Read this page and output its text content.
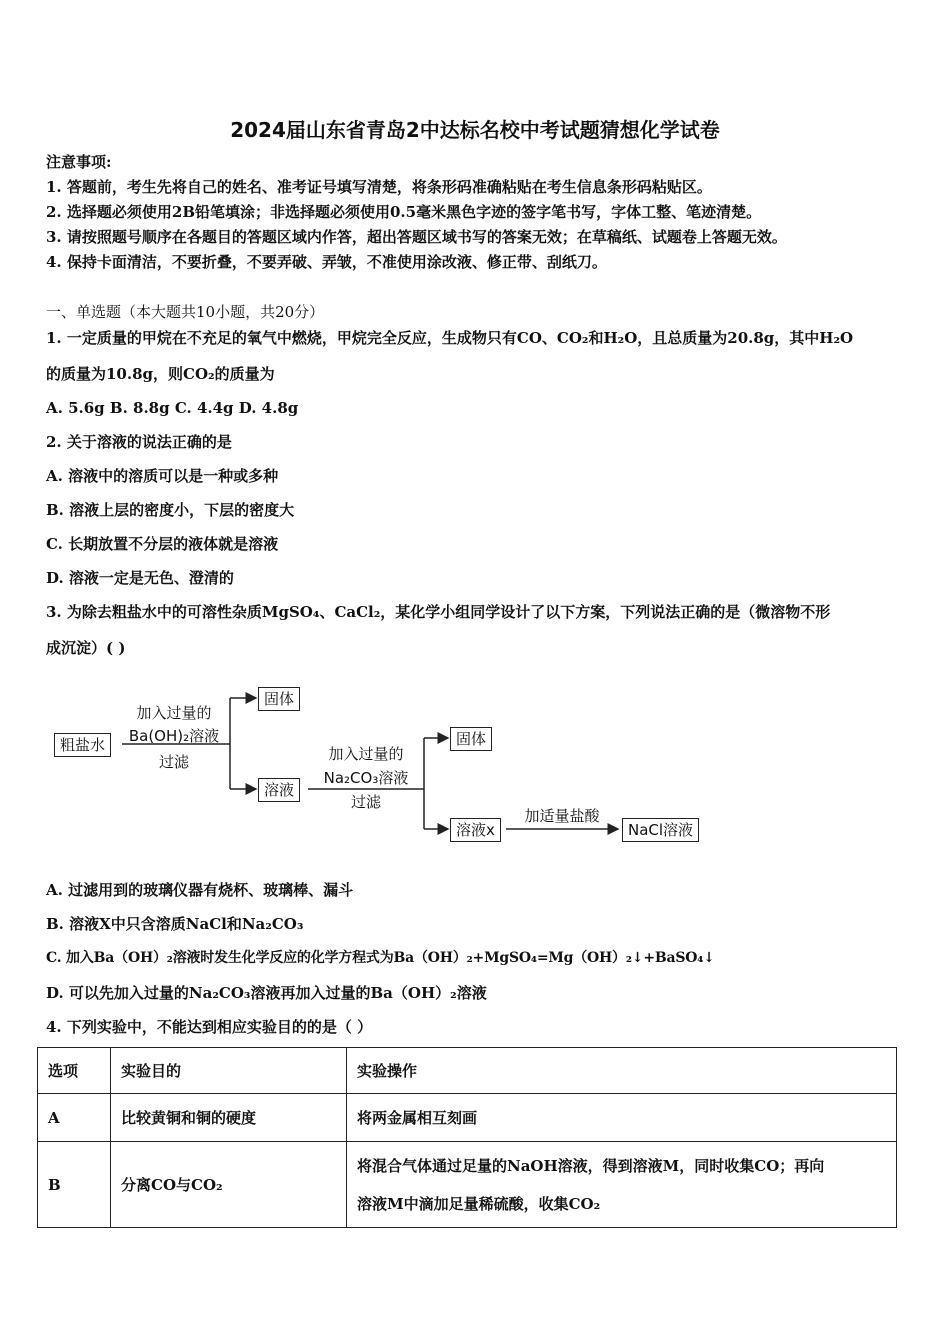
2024届山东省青岛2中达标名校中考试题猜想化学试卷
注意事项:
1. 答题前，考生先将自己的姓名、准考证号填写清楚，将条形码准确粘贴在考生信息条形码粘贴区。
2. 选择题必须使用2B铅笔填涂；非选择题必须使用0.5毫米黑色字迹的签字笔书写，字体工整、笔迹清楚。
3. 请按照题号顺序在各题目的答题区域内作答，超出答题区域书写的答案无效；在草稿纸、试题卷上答题无效。
4. 保持卡面清洁，不要折叠，不要弄破、弄皱，不准使用涂改液、修正带、刮纸刀。
一、单选题（本大题共10小题，共20分）
1. 一定质量的甲烷在不充足的氧气中燃烧，甲烷完全反应，生成物只有CO、CO₂和H₂O，且总质量为20.8g，其中H₂O
的质量为10.8g，则CO₂的质量为
A. 5.6g B. 8.8g C. 4.4g D. 4.8g
2. 关于溶液的说法正确的是
A. 溶液中的溶质可以是一种或多种
B. 溶液上层的密度小，下层的密度大
C. 长期放置不分层的液体就是溶液
D. 溶液一定是无色、澄清的
3. 为除去粗盐水中的可溶性杂质MgSO₄、CaCl₂，某化学小组同学设计了以下方案，下列说法正确的是（微溶物不形
成沉淀）( )
粗盐水
加入过量的
Ba(OH)₂溶液
过滤
固体
溶液
加入过量的
Na₂CO₃溶液
过滤
固体
溶液x
加适量盐酸
NaCl溶液
A. 过滤用到的玻璃仪器有烧杯、玻璃棒、漏斗
B. 溶液X中只含溶质NaCl和Na₂CO₃
C. 加入Ba（OH）₂溶液时发生化学反应的化学方程式为Ba（OH）₂+MgSO₄=Mg（OH）₂↓+BaSO₄↓
D. 可以先加入过量的Na₂CO₃溶液再加入过量的Ba（OH）₂溶液
4. 下列实验中，不能达到相应实验目的的是（ ）
选项	实验目的	实验操作
A	比较黄铜和铜的硬度	将两金属相互刻画
B	分离CO与CO₂	将混合气体通过足量的NaOH溶液，得到溶液M，同时收集CO；再向
溶液M中滴加足量稀硫酸，收集CO₂
